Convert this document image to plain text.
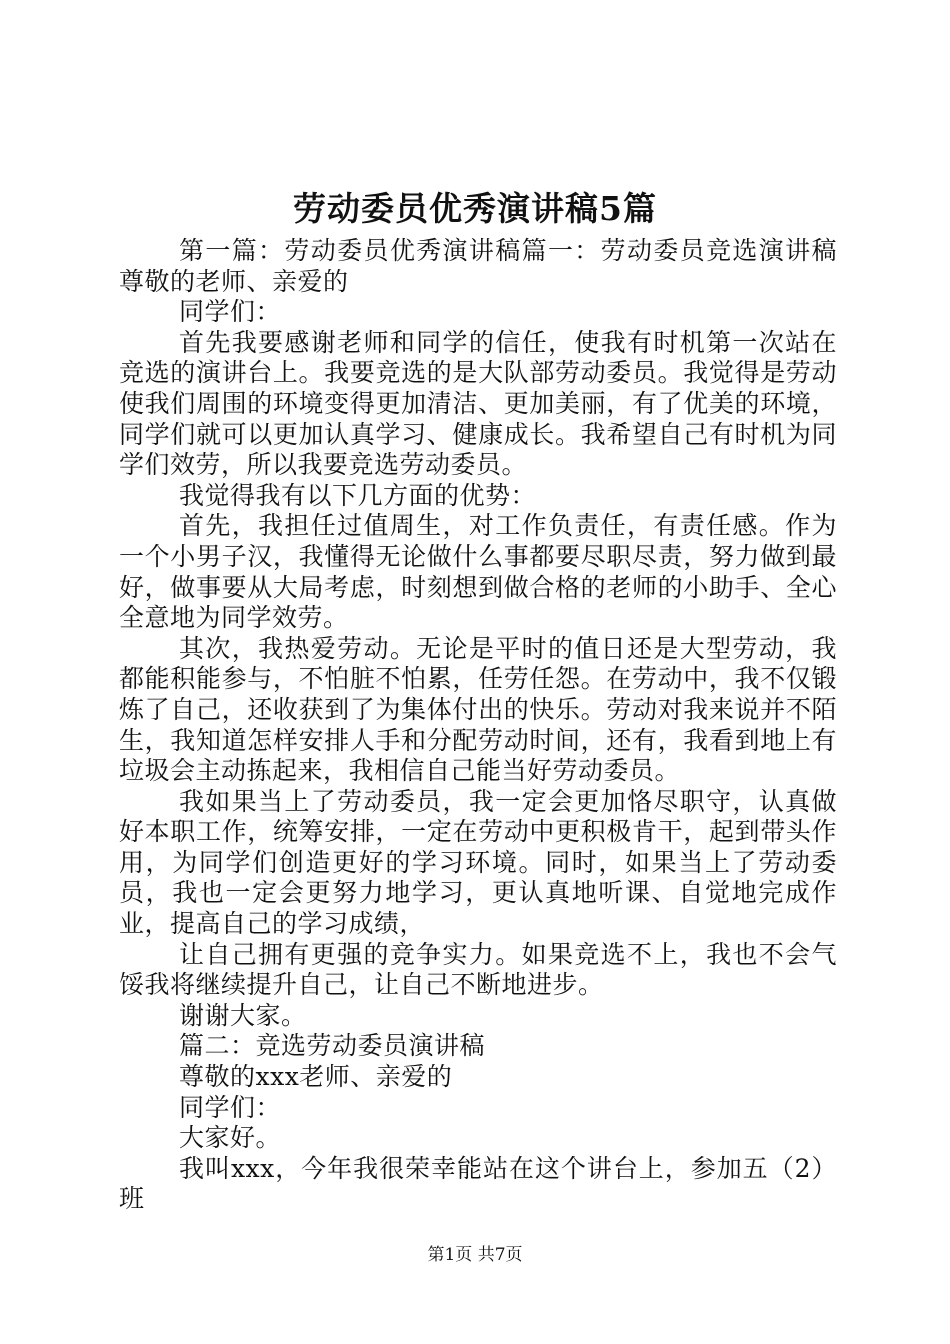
劳动委员优秀演讲稿5篇

第一篇：劳动委员优秀演讲稿篇一：劳动委员竞选演讲稿尊敬的老师、亲爱的

同学们：

首先我要感谢老师和同学的信任，使我有时机第一次站在竞选的演讲台上。我要竞选的是大队部劳动委员。我觉得是劳动使我们周围的环境变得更加清洁、更加美丽，有了优美的环境，同学们就可以更加认真学习、健康成长。我希望自己有时机为同学们效劳，所以我要竞选劳动委员。

我觉得我有以下几方面的优势：

首先，我担任过值周生，对工作负责任，有责任感。作为一个小男子汉，我懂得无论做什么事都要尽职尽责，努力做到最好，做事要从大局考虑，时刻想到做合格的老师的小助手、全心全意地为同学效劳。

其次，我热爱劳动。无论是平时的值日还是大型劳动，我都能积能参与，不怕脏不怕累，任劳任怨。在劳动中，我不仅锻炼了自己，还收获到了为集体付出的快乐。劳动对我来说并不陌生，我知道怎样安排人手和分配劳动时间，还有，我看到地上有垃圾会主动拣起来，我相信自己能当好劳动委员。

我如果当上了劳动委员，我一定会更加恪尽职守，认真做好本职工作，统筹安排，一定在劳动中更积极肯干，起到带头作用，为同学们创造更好的学习环境。同时，如果当上了劳动委员，我也一定会更努力地学习，更认真地听课、自觉地完成作业，提高自己的学习成绩，

让自己拥有更强的竞争实力。如果竞选不上，我也不会气馁我将继续提升自己，让自己不断地进步。

谢谢大家。

篇二：竞选劳动委员演讲稿

尊敬的xxx老师、亲爱的

同学们：

大家好。

我叫xxx，今年我很荣幸能站在这个讲台上，参加五（2）班

第1页 共7页
